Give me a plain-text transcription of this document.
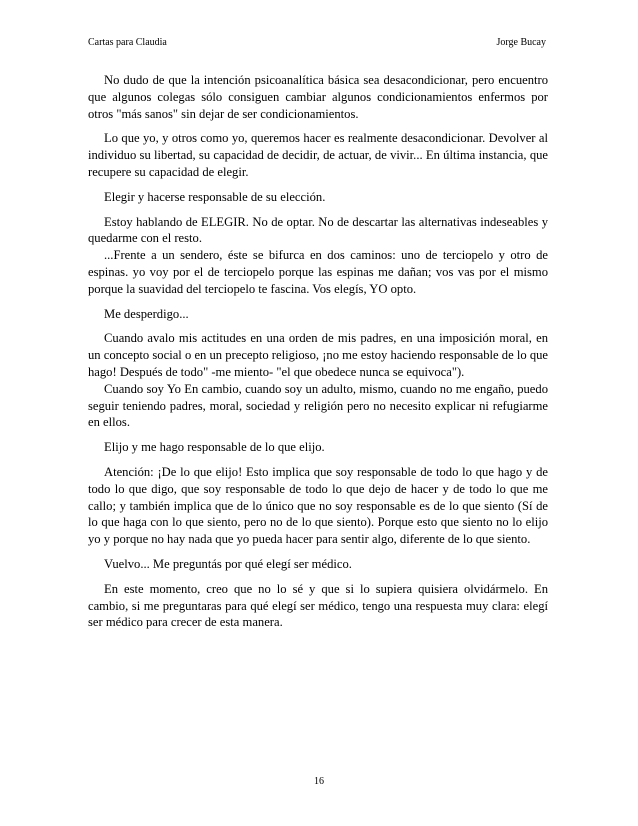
Cartas para Claudia	Jorge Bucay

No dudo de que la intención psicoanalítica básica sea desacondicionar, pero encuentro que algunos colegas sólo consiguen cambiar algunos condicionamientos enfermos por otros "más sanos" sin dejar de ser condicionamientos.

Lo que yo, y otros como yo, queremos hacer es realmente desacondicionar. Devolver al individuo su libertad, su capacidad de decidir, de actuar, de vivir... En última instancia, que recupere su capacidad de elegir.

Elegir y hacerse responsable de su elección.

Estoy hablando de ELEGIR. No de optar. No de descartar las alternativas indeseables y quedarme con el resto.

...Frente a un sendero, éste se bifurca en dos caminos: uno de terciopelo y otro de espinas. yo voy por el de terciopelo porque las espinas me dañan; vos vas por el mismo porque la suavidad del terciopelo te fascina. Vos elegís, YO opto.

Me desperdigo...

Cuando avalo mis actitudes en una orden de mis padres, en una imposición moral, en un concepto social o en un precepto religioso, ¡no me estoy haciendo responsable de lo que hago! Después de todo" -me miento- "el que obedece nunca se equivoca").

Cuando soy Yo En cambio, cuando soy un adulto, mismo, cuando no me engaño, puedo seguir teniendo padres, moral, sociedad y religión pero no necesito explicar ni refugiarme en ellos.

Elijo y me hago responsable de lo que elijo.

Atención: ¡De lo que elijo! Esto implica que soy responsable de todo lo que hago y de todo lo que digo, que soy responsable de todo lo que dejo de hacer y de todo lo que me callo; y también implica que de lo único que no soy responsable es de lo que siento (Sí de lo que haga con lo que siento, pero no de lo que siento). Porque esto que siento no lo elijo yo y porque no hay nada que yo pueda hacer para sentir algo, diferente de lo que siento.

Vuelvo... Me preguntás por qué elegí ser médico.

En este momento, creo que no lo sé y que si lo supiera quisiera olvidármelo. En cambio, si me preguntaras para qué elegí ser médico, tengo una respuesta muy clara: elegí ser médico para crecer de esta manera.

16
